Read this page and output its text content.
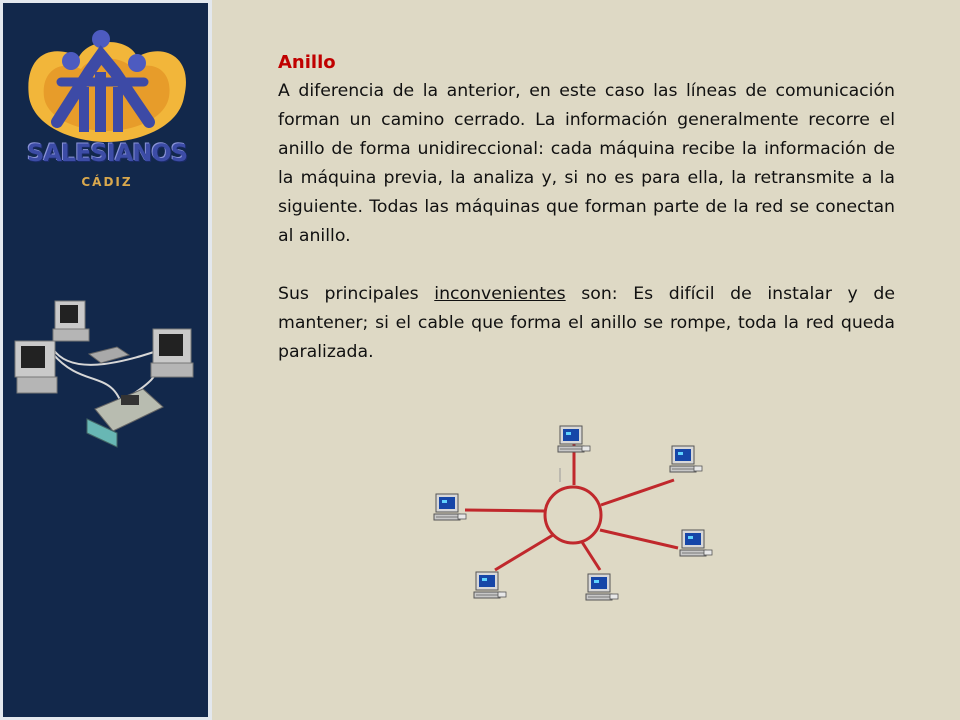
SALESIANOS
CÁDIZ

Anillo

A diferencia de la anterior, en este caso las líneas de comunicación forman un camino cerrado. La información generalmente recorre el anillo de forma unidireccional: cada máquina recibe la información de la máquina previa, la analiza y, si no es para ella, la retransmite a la siguiente. Todas las máquinas que forman parte de la red se conectan al anillo.

Sus principales inconvenientes son: Es difícil de instalar y de mantener; si el cable que forma el anillo se rompe, toda la red queda paralizada.
